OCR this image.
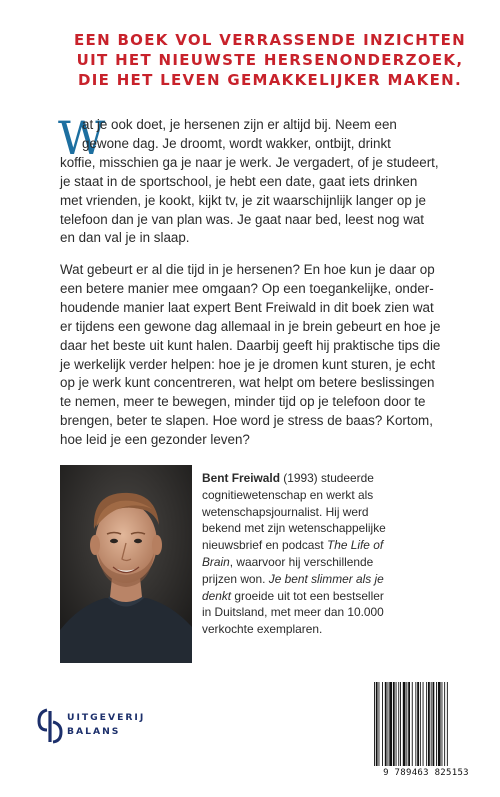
EEN BOEK VOL VERRASSENDE INZICHTEN
UIT HET NIEUWSTE HERSENONDERZOEK,
DIE HET LEVEN GEMAKKELIJKER MAKEN.
W
at je ook doet, je hersenen zijn er altijd bij. Neem een
gewone dag. Je droomt, wordt wakker, ontbijt, drinkt
koffie, misschien ga je naar je werk. Je vergadert, of je studeert,
je staat in de sportschool, je hebt een date, gaat iets drinken
met vrienden, je kookt, kijkt tv, je zit waarschijnlijk langer op je
telefoon dan je van plan was. Je gaat naar bed, leest nog wat
en dan val je in slaap.
Wat gebeurt er al die tijd in je hersenen? En hoe kun je daar op
een betere manier mee omgaan? Op een toegankelijke, onder-
houdende manier laat expert Bent Freiwald in dit boek zien wat
er tijdens een gewone dag allemaal in je brein gebeurt en hoe je
daar het beste uit kunt halen. Daarbij geeft hij praktische tips die
je werkelijk verder helpen: hoe je je dromen kunt sturen, je echt
op je werk kunt concentreren, wat helpt om betere beslissingen
te nemen, meer te bewegen, minder tijd op je telefoon door te
brengen, beter te slapen. Hoe word je stress de baas? Kortom,
hoe leid je een gezonder leven?
Bent Freiwald (1993) studeerde
cognitiewetenschap en werkt als
wetenschapsjournalist. Hij werd
bekend met zijn wetenschappelijke
nieuwsbrief en podcast The Life of
Brain, waarvoor hij verschillende
prijzen won. Je bent slimmer als je
denkt groeide uit tot een bestseller
in Duitsland, met meer dan 10.000
verkochte exemplaren.
UITGEVERIJ
BALANS
9 789463 825153
